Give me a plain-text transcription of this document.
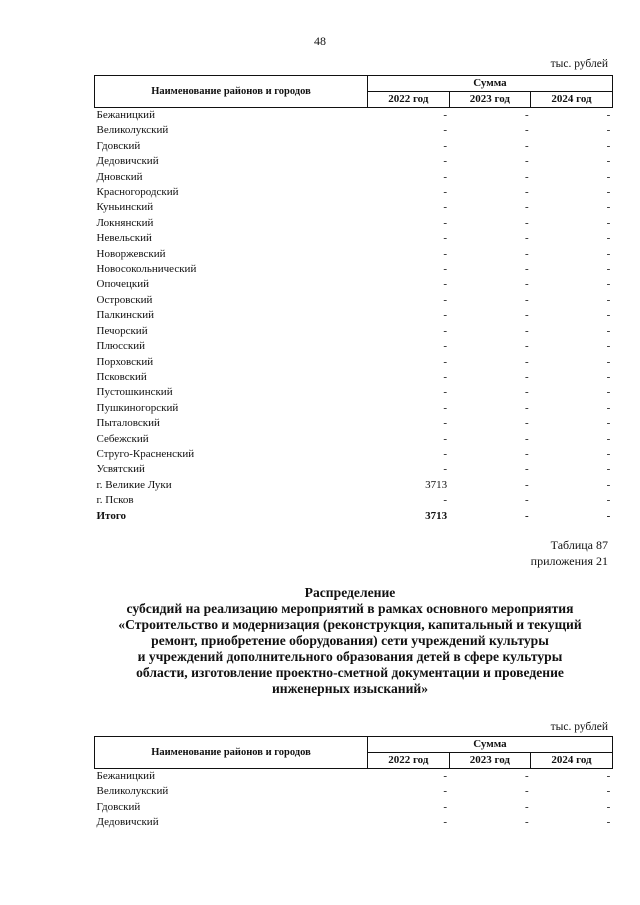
48
тыс. рублей
Наименование районов и городов	Сумма		
	2022 год	2023 год	2024 год
Бежаницкий	-	-	-
Великолукский	-	-	-
Гдовский	-	-	-
Дедовичский	-	-	-
Дновский	-	-	-
Красногородский	-	-	-
Куньинский	-	-	-
Локнянский	-	-	-
Невельский	-	-	-
Новоржевский	-	-	-
Новосокольнический	-	-	-
Опочецкий	-	-	-
Островский	-	-	-
Палкинский	-	-	-
Печорский	-	-	-
Плюсский	-	-	-
Порховский	-	-	-
Псковский	-	-	-
Пустошкинский	-	-	-
Пушкиногорский	-	-	-
Пыталовский	-	-	-
Себежский	-	-	-
Струго-Красненский	-	-	-
Усвятский	-	-	-
г. Великие Луки	3713	-	-
г. Псков	-	-	-
Итого	3713	-	-
Таблица 87
приложения 21
Распределение
субсидий на реализацию мероприятий в рамках основного мероприятия
«Строительство и модернизация (реконструкция, капитальный и текущий
ремонт, приобретение оборудования) сети учреждений культуры
и учреждений дополнительного образования детей в сфере культуры
области, изготовление проектно-сметной документации и проведение
инженерных изысканий»
тыс. рублей
Наименование районов и городов	Сумма		
	2022 год	2023 год	2024 год
Бежаницкий	-	-	-
Великолукский	-	-	-
Гдовский	-	-	-
Дедовичский	-	-	-
